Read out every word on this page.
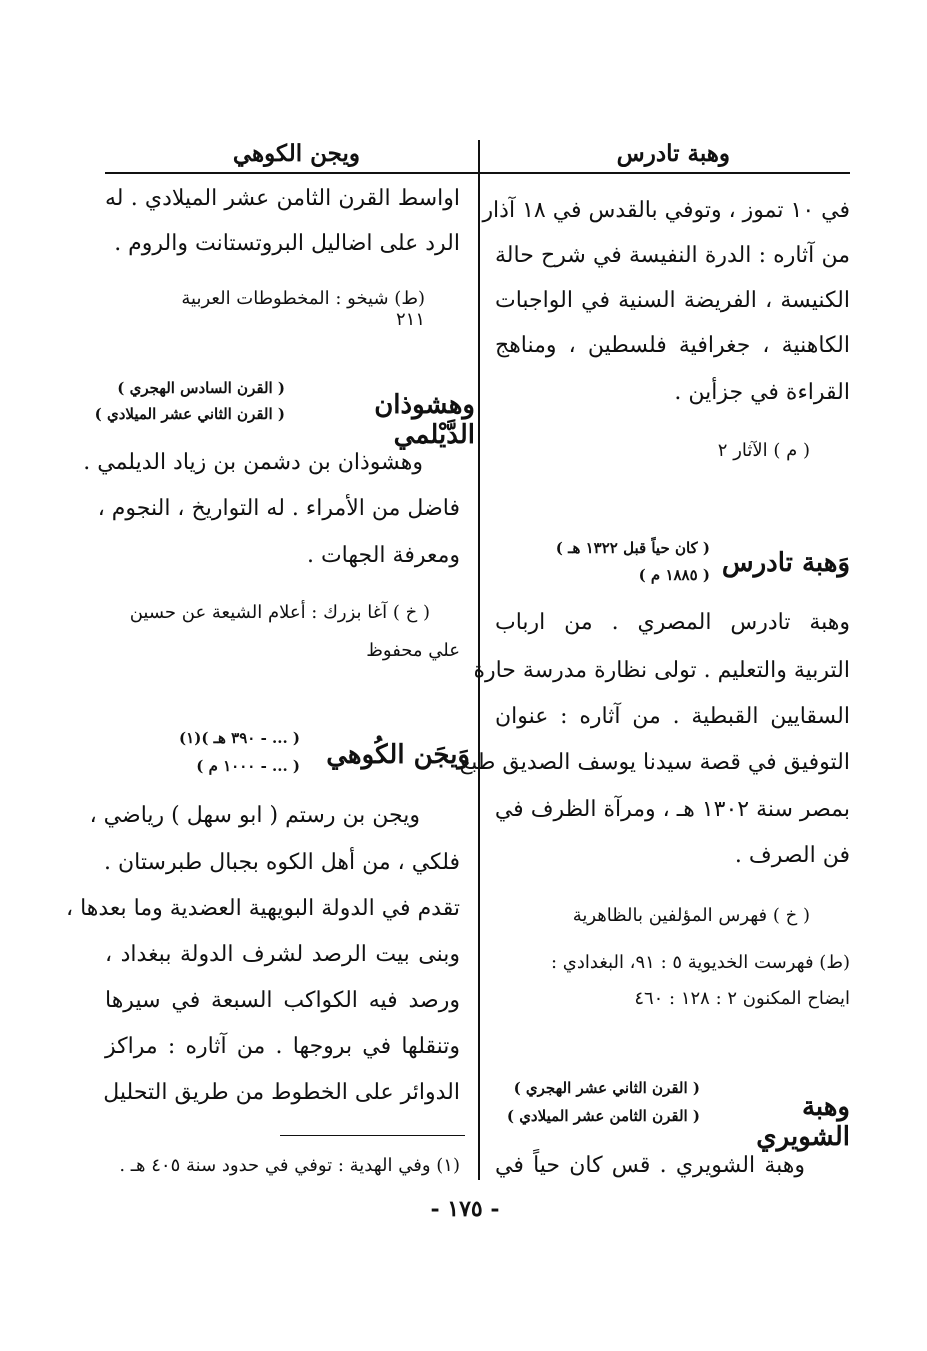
وهبة تادرس
ويجن الكوهي
في ١٠ تموز ، وتوفي بالقدس في ١٨ آذار
من آثاره : الدرة النفيسة في شرح حالة
الكنيسة ، الفريضة السنية في الواجبات
الكاهنية ، جغرافية فلسطين ، ومناهج
القراءة في جزأين .
( م ) الآثار ٢
وَهبة تادرس
( كان حياً قبل ١٣٢٢ هـ )
( ١٨٨٥ م )
وهبة تادرس المصري . من ارباب
التربية والتعليم . تولى نظارة مدرسة حارة
السقايين القبطية . من آثاره : عنوان
التوفيق في قصة سيدنا يوسف الصديق طبع
بمصر سنة ١٣٠٢ هـ ، ومرآة الظرف في
فن الصرف .
( خ ) فهرس المؤلفين بالظاهرية
(ط) فهرست الخديوية ٥ : ٩١، البغدادي :
ايضاح المكنون ٢ : ١٢٨ : ٤٦٠
وهبة الشويري
( القرن الثاني عشر الهجري )
( القرن الثامن عشر الميلادي )
وهبة الشويري . قس كان حياً في
اواسط القرن الثامن عشر الميلادي . له
الرد على اضاليل البروتستانت والروم .
(ط) شيخو : المخطوطات العربية ٢١١
وهشوذان الدَّيْلمي
( القرن السادس الهجري )
( القرن الثاني عشر الميلادي )
وهشوذان بن دشمن بن زياد الديلمي .
فاضل من الأمراء . له التواريخ ، النجوم ،
ومعرفة الجهات .
( خ ) آغا بزرك : أعلام الشيعة عن حسين
علي محفوظ
وَيجَن الكُوهي
( ... - ٣٩٠ هـ )(١)
( ... - ١٠٠٠ م )
ويجن بن رستم ( ابو سهل ) رياضي ،
فلكي ، من أهل الكوه بجبال طبرستان .
تقدم في الدولة البويهية العضدية وما بعدها ،
وبنى بيت الرصد لشرف الدولة ببغداد ،
ورصد فيه الكواكب السبعة في سيرها
وتنقلها في بروجها . من آثاره : مراكز
الدوائر على الخطوط من طريق التحليل
(١) وفي الهدية : توفي في حدود سنة ٤٠٥ هـ .
- ١٧٥ -
